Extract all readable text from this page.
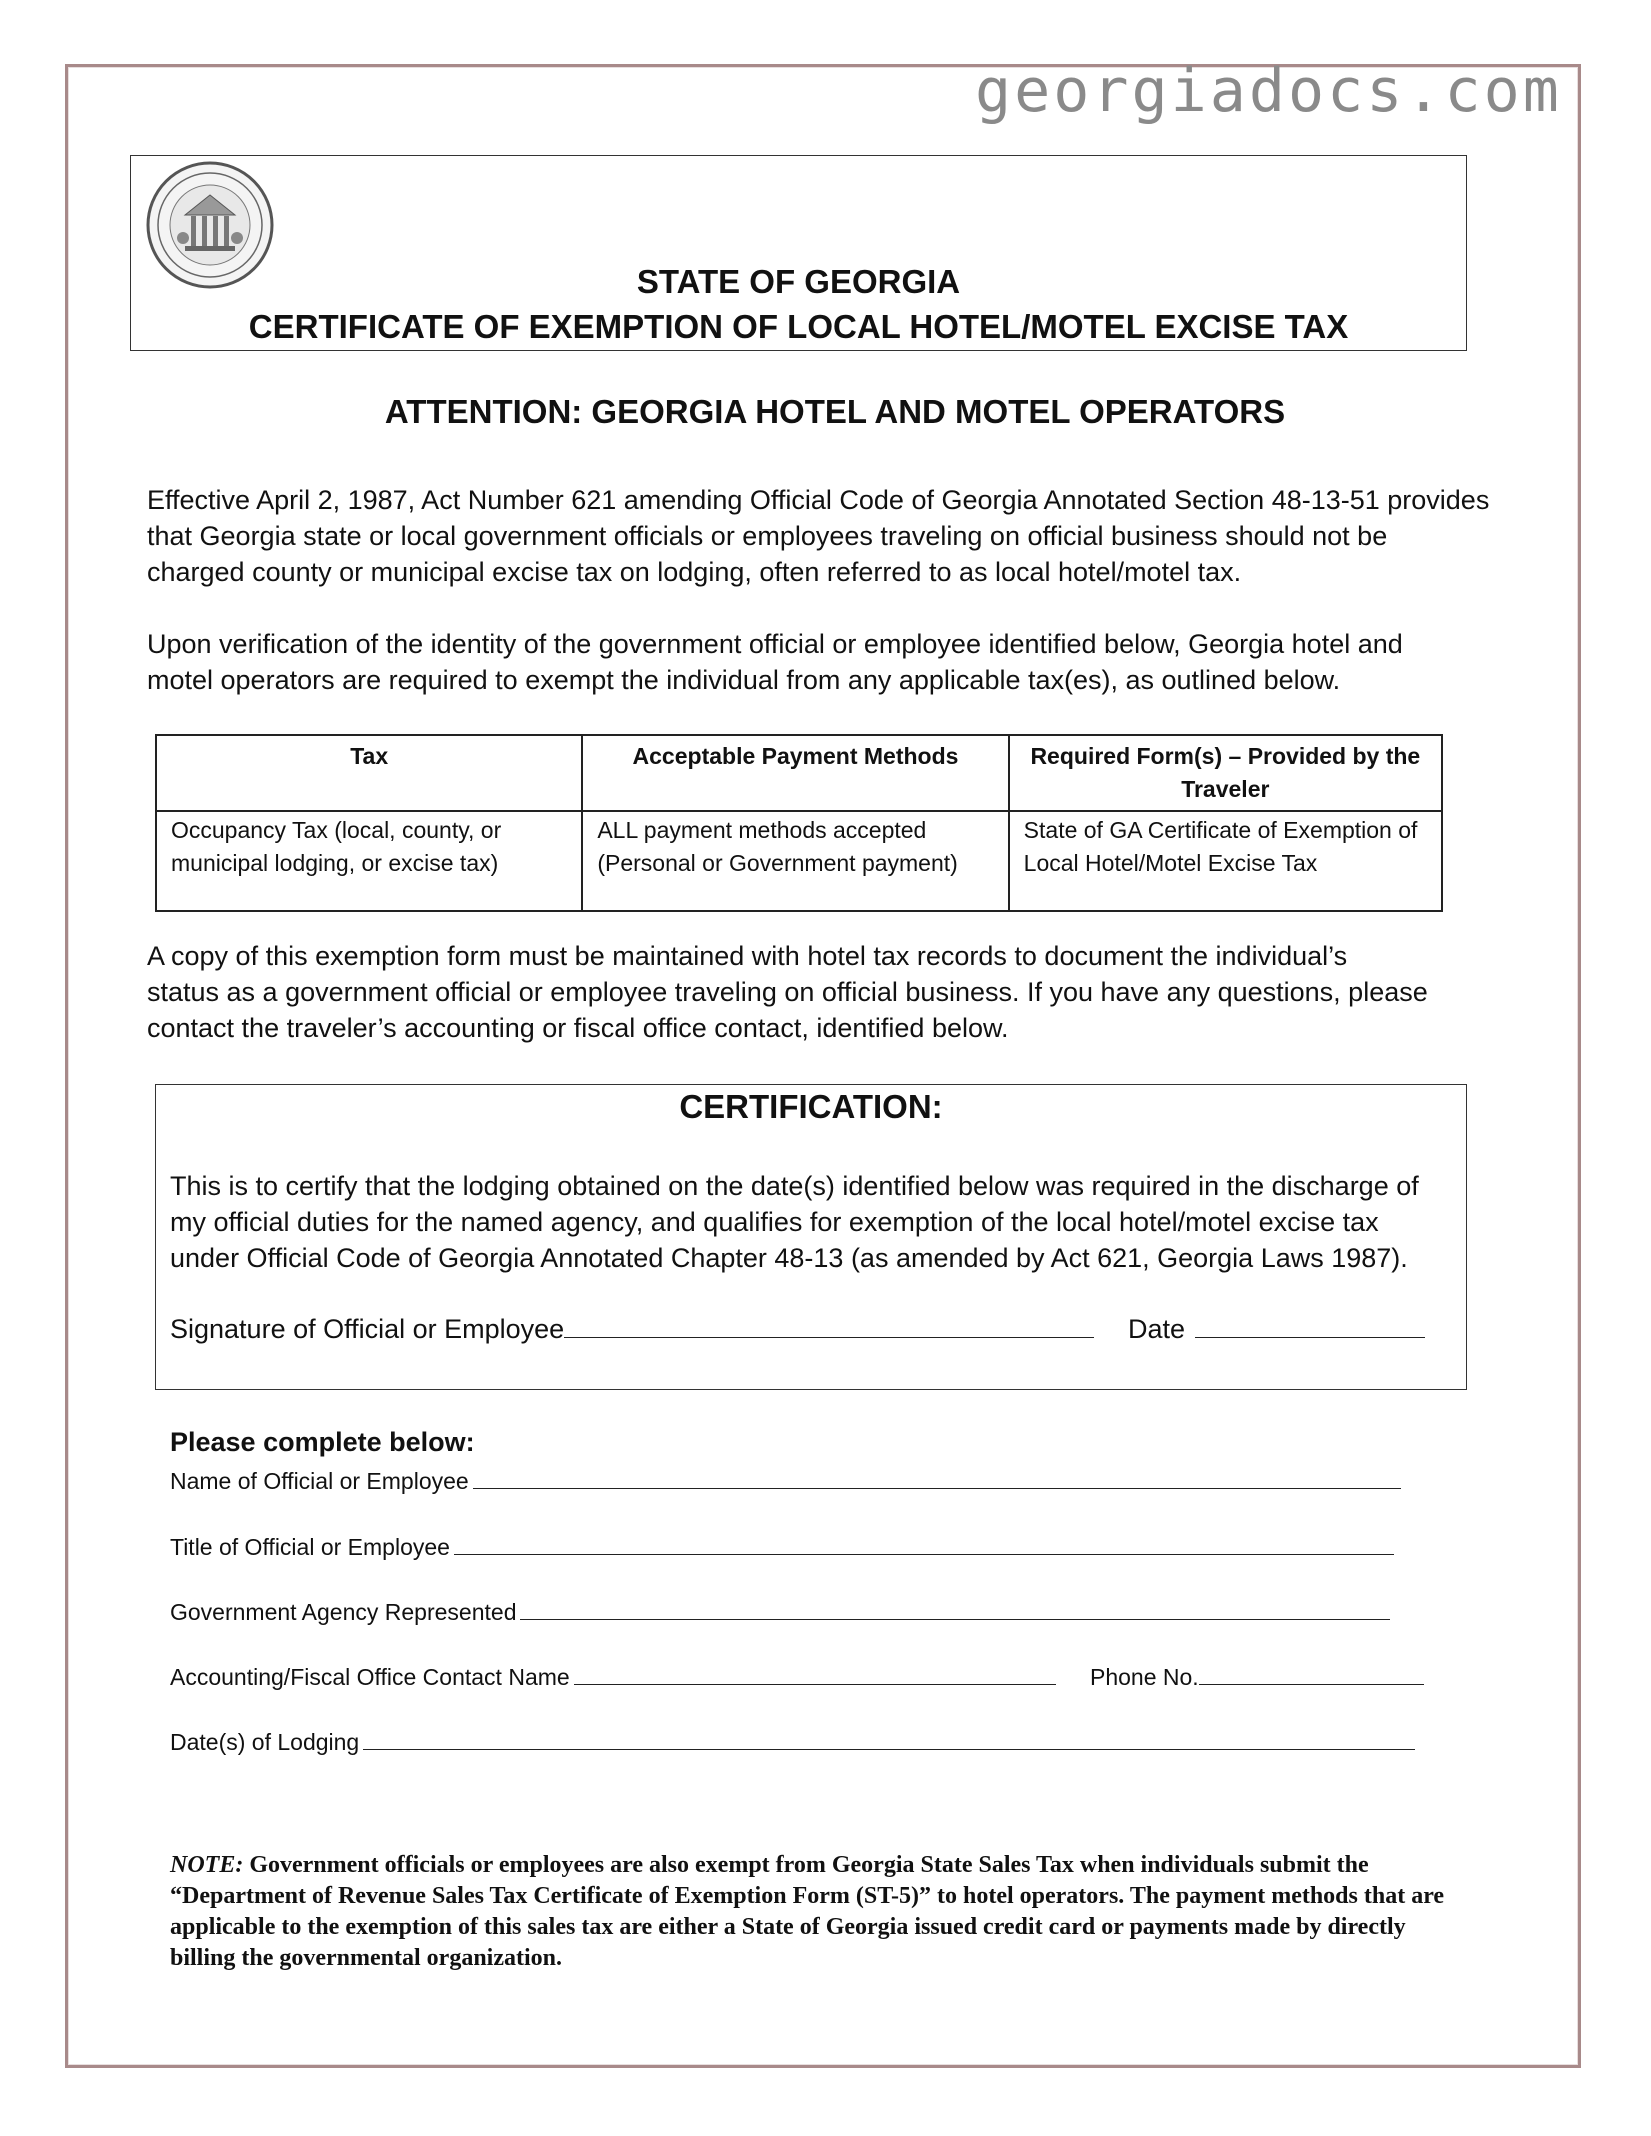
georgiadocs.com
STATE OF GEORGIA
CERTIFICATE OF EXEMPTION OF LOCAL HOTEL/MOTEL EXCISE TAX
ATTENTION: GEORGIA HOTEL AND MOTEL OPERATORS
Effective April 2, 1987, Act Number 621 amending Official Code of Georgia Annotated Section 48-13-51 provides
that Georgia state or local government officials or employees traveling on official business should not be
charged county or municipal excise tax on lodging, often referred to as local hotel/motel tax.
Upon verification of the identity of the government official or employee identified below, Georgia hotel and
motel operators are required to exempt the individual from any applicable tax(es), as outlined below.
Tax	Acceptable Payment Methods	Required Form(s) – Provided by the Traveler
Occupancy Tax (local, county, or municipal lodging, or excise tax)	ALL payment methods accepted (Personal or Government payment)	State of GA Certificate of Exemption of Local Hotel/Motel Excise Tax
A copy of this exemption form must be maintained with hotel tax records to document the individual’s
status as a government official or employee traveling on official business. If you have any questions, please
contact the traveler’s accounting or fiscal office contact, identified below.
CERTIFICATION:
This is to certify that the lodging obtained on the date(s) identified below was required in the discharge of
my official duties for the named agency, and qualifies for exemption of the local hotel/motel excise tax
under Official Code of Georgia Annotated Chapter 48-13 (as amended by Act 621, Georgia Laws 1987).
Signature of Official or Employee	Date
Please complete below:
Name of Official or Employee
Title of Official or Employee
Government Agency Represented
Accounting/Fiscal Office Contact Name	Phone No.
Date(s) of Lodging
NOTE: Government officials or employees are also exempt from Georgia State Sales Tax when individuals submit the “Department of Revenue Sales Tax Certificate of Exemption Form (ST-5)” to hotel operators. The payment methods that are applicable to the exemption of this sales tax are either a State of Georgia issued credit card or payments made by directly billing the governmental organization.
